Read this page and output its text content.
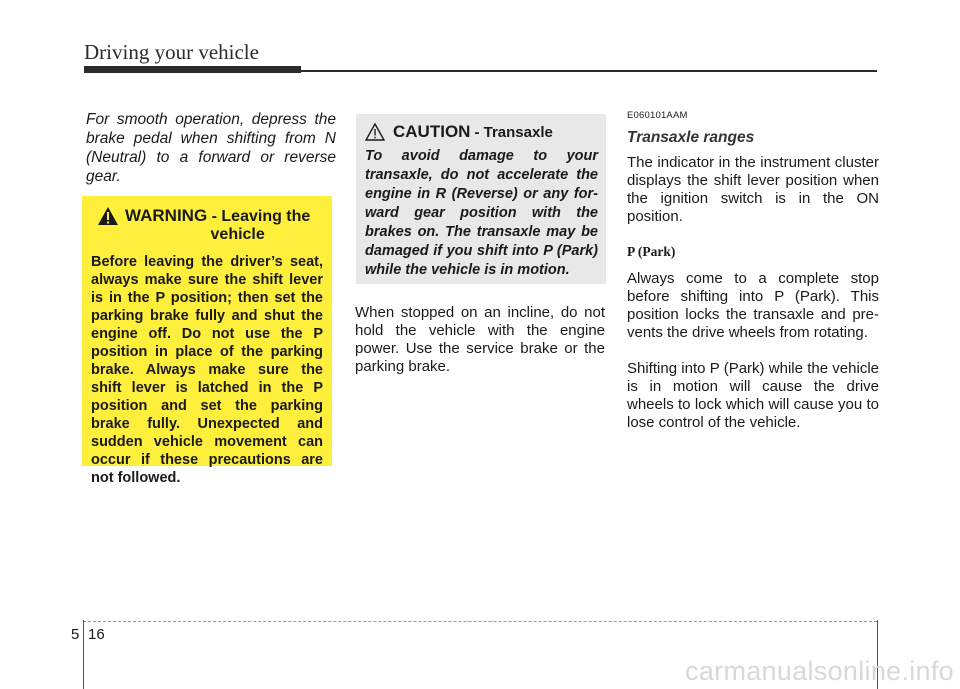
Driving your vehicle
For smooth operation, depress the brake pedal when shifting from N (Neutral) to a forward or reverse gear.
WARNING - Leaving the
vehicle
Before leaving the driver’s seat, always make sure the shift lever is in the P position; then set the parking brake fully and shut the engine off. Do not use the P position in place of the parking brake. Always make sure the shift lever is latched in the P position and set the parking brake fully. Unexpected and sudden vehicle movement can occur if these precautions are not followed.
CAUTION - Transaxle
To avoid damage to your transaxle, do not accelerate the engine in R (Reverse) or any forward gear position with the brakes on. The transaxle may be damaged if you shift into P (Park) while the vehicle is in motion.
When stopped on an incline, do not hold the vehicle with the engine power. Use the service brake or the parking brake.
E060101AAM
Transaxle ranges
The indicator in the instrument cluster displays the shift lever position when the ignition switch is in the ON position.
P (Park)
Always come to a complete stop before shifting into P (Park). This position locks the transaxle and prevents the drive wheels from rotating.
Shifting into P (Park) while the vehicle is in motion will cause the drive wheels to lock which will cause you to lose control of the vehicle.
5 16
carmanualsonline.info
